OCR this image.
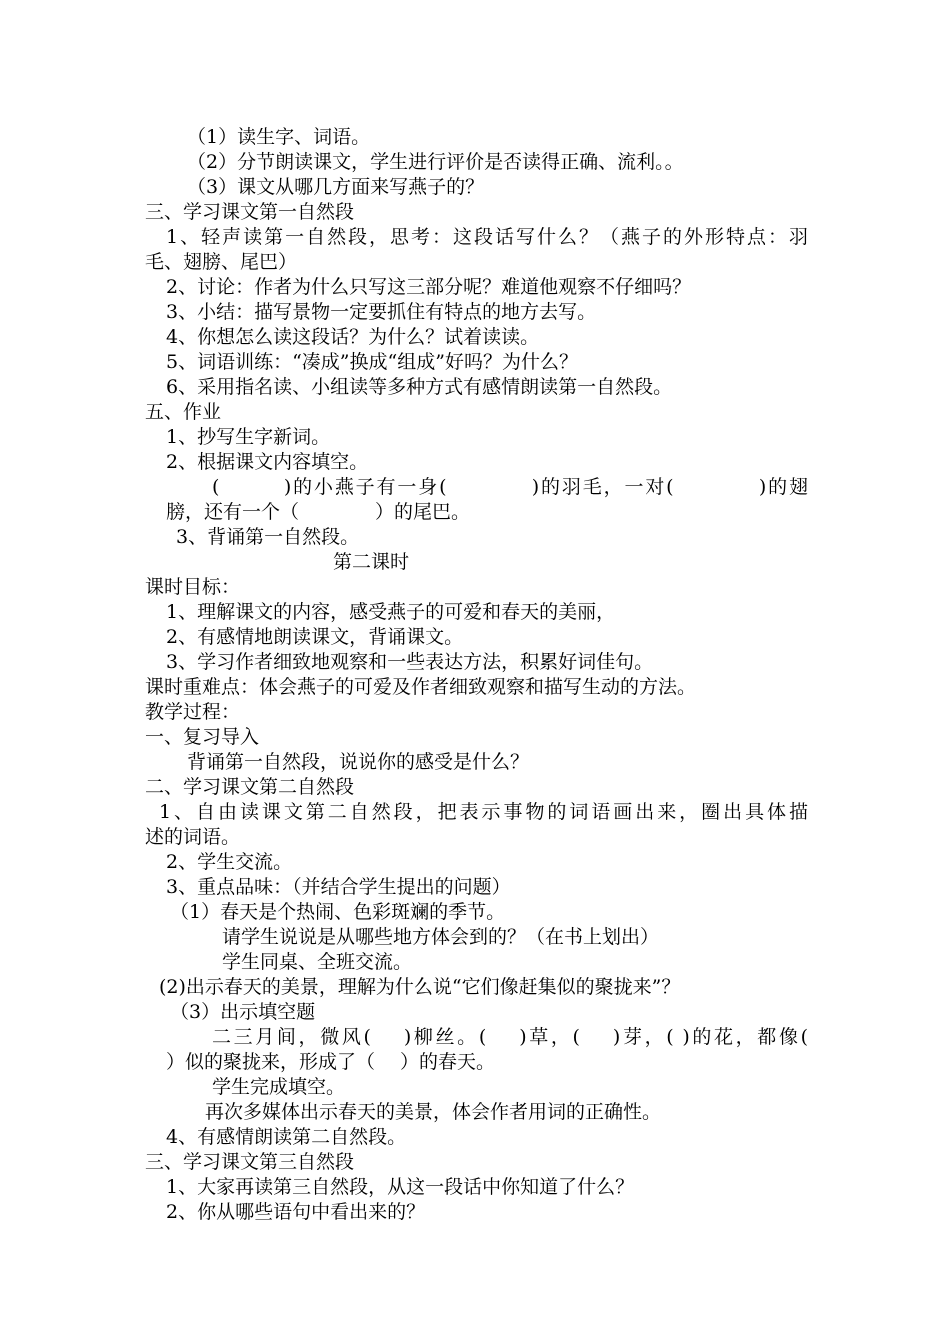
（1）读生字、词语。
（2）分节朗读课文，学生进行评价是否读得正确、流利。。
（3）课文从哪几方面来写燕子的？
三、学习课文第一自然段
1、轻声读第一自然段，思考：这段话写什么？（燕子的外形特点：羽
毛、翅膀、尾巴）
2、讨论：作者为什么只写这三部分呢？难道他观察不仔细吗？
3、小结：描写景物一定要抓住有特点的地方去写。
4、你想怎么读这段话？为什么？试着读读。
5、词语训练：“凑成”换成“组成”好吗？为什么？
6、采用指名读、小组读等多种方式有感情朗读第一自然段。
五、作业
1、抄写生字新词。
2、根据课文内容填空。
(　　　)的小燕子有一身(　　　　)的羽毛，一对(　　　　)的翅
膀，还有一个（　　　　）的尾巴。
3、背诵第一自然段。
第二课时
课时目标：
1、理解课文的内容，感受燕子的可爱和春天的美丽，
2、有感情地朗读课文，背诵课文。
3、学习作者细致地观察和一些表达方法，积累好词佳句。
课时重难点：体会燕子的可爱及作者细致观察和描写生动的方法。
教学过程：
一、复习导入
背诵第一自然段，说说你的感受是什么？
二、学习课文第二自然段
1、自由读课文第二自然段，把表示事物的词语画出来，圈出具体描
述的词语。
2、学生交流。
3、重点品味：（并结合学生提出的问题）
（1）春天是个热闹、色彩斑斓的季节。
请学生说说是从哪些地方体会到的？（在书上划出）
学生同桌、全班交流。
(2)出示春天的美景，理解为什么说“它们像赶集似的聚拢来”？
（3）出示填空题
二三月间，微风(　 )柳丝。(　 )草，(　 )芽，( )的花，都像(
）似的聚拢来，形成了（　 ）的春天。
学生完成填空。
再次多媒体出示春天的美景，体会作者用词的正确性。
4、有感情朗读第二自然段。
三、学习课文第三自然段
1、大家再读第三自然段，从这一段话中你知道了什么？
2、你从哪些语句中看出来的？
